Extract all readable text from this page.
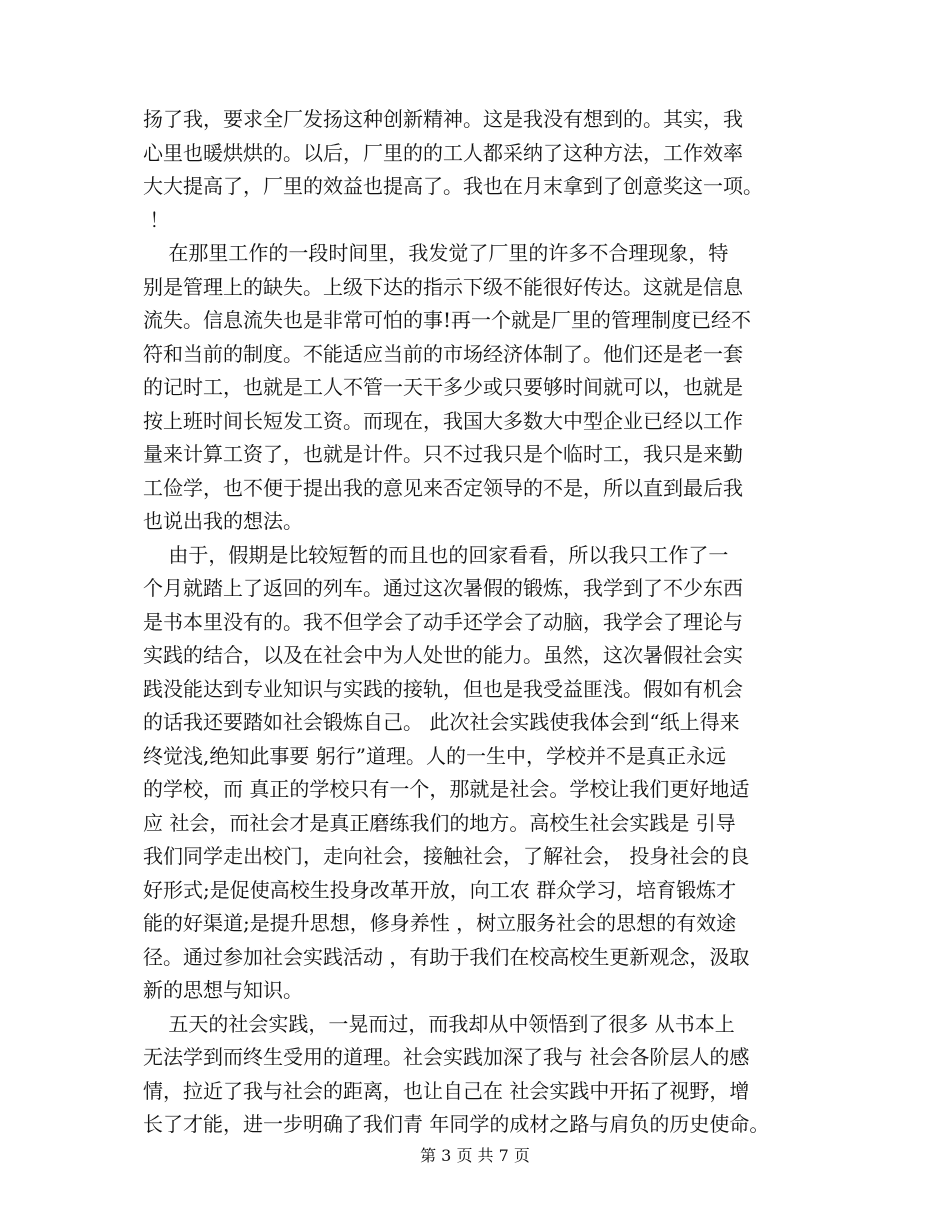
扬了我，要求全厂发扬这种创新精神。这是我没有想到的。其实，我
心里也暖烘烘的。以后，厂里的的工人都采纳了这种方法，工作效率
大大提高了，厂里的效益也提高了。我也在月末拿到了创意奖这一项。
！
在那里工作的一段时间里，我发觉了厂里的许多不合理现象，特
别是管理上的缺失。上级下达的指示下级不能很好传达。这就是信息
流失。信息流失也是非常可怕的事!再一个就是厂里的管理制度已经不
符和当前的制度。不能适应当前的市场经济体制了。他们还是老一套
的记时工，也就是工人不管一天干多少或只要够时间就可以，也就是
按上班时间长短发工资。而现在，我国大多数大中型企业已经以工作
量来计算工资了，也就是计件。只不过我只是个临时工，我只是来勤
工俭学，也不便于提出我的意见来否定领导的不是，所以直到最后我
也说出我的想法。
由于，假期是比较短暂的而且也的回家看看，所以我只工作了一
个月就踏上了返回的列车。通过这次暑假的锻炼，我学到了不少东西
是书本里没有的。我不但学会了动手还学会了动脑，我学会了理论与
实践的结合，以及在社会中为人处世的能力。虽然，这次暑假社会实
践没能达到专业知识与实践的接轨，但也是我受益匪浅。假如有机会
的话我还要踏如社会锻炼自己。 此次社会实践使我体会到“纸上得来
终觉浅,绝知此事要 躬行”道理。人的一生中，学校并不是真正永远
的学校，而 真正的学校只有一个，那就是社会。学校让我们更好地适
应 社会，而社会才是真正磨练我们的地方。高校生社会实践是 引导
我们同学走出校门，走向社会，接触社会，了解社会， 投身社会的良
好形式;是促使高校生投身改革开放，向工农 群众学习，培育锻炼才
能的好渠道;是提升思想，修身养性 ，树立服务社会的思想的有效途
径。通过参加社会实践活动 ，有助于我们在校高校生更新观念，汲取
新的思想与知识。
五天的社会实践，一晃而过，而我却从中领悟到了很多 从书本上
无法学到而终生受用的道理。社会实践加深了我与 社会各阶层人的感
情，拉近了我与社会的距离，也让自己在 社会实践中开拓了视野，增
长了才能，进一步明确了我们青 年同学的成材之路与肩负的历史使命。
第 3 页 共 7 页
